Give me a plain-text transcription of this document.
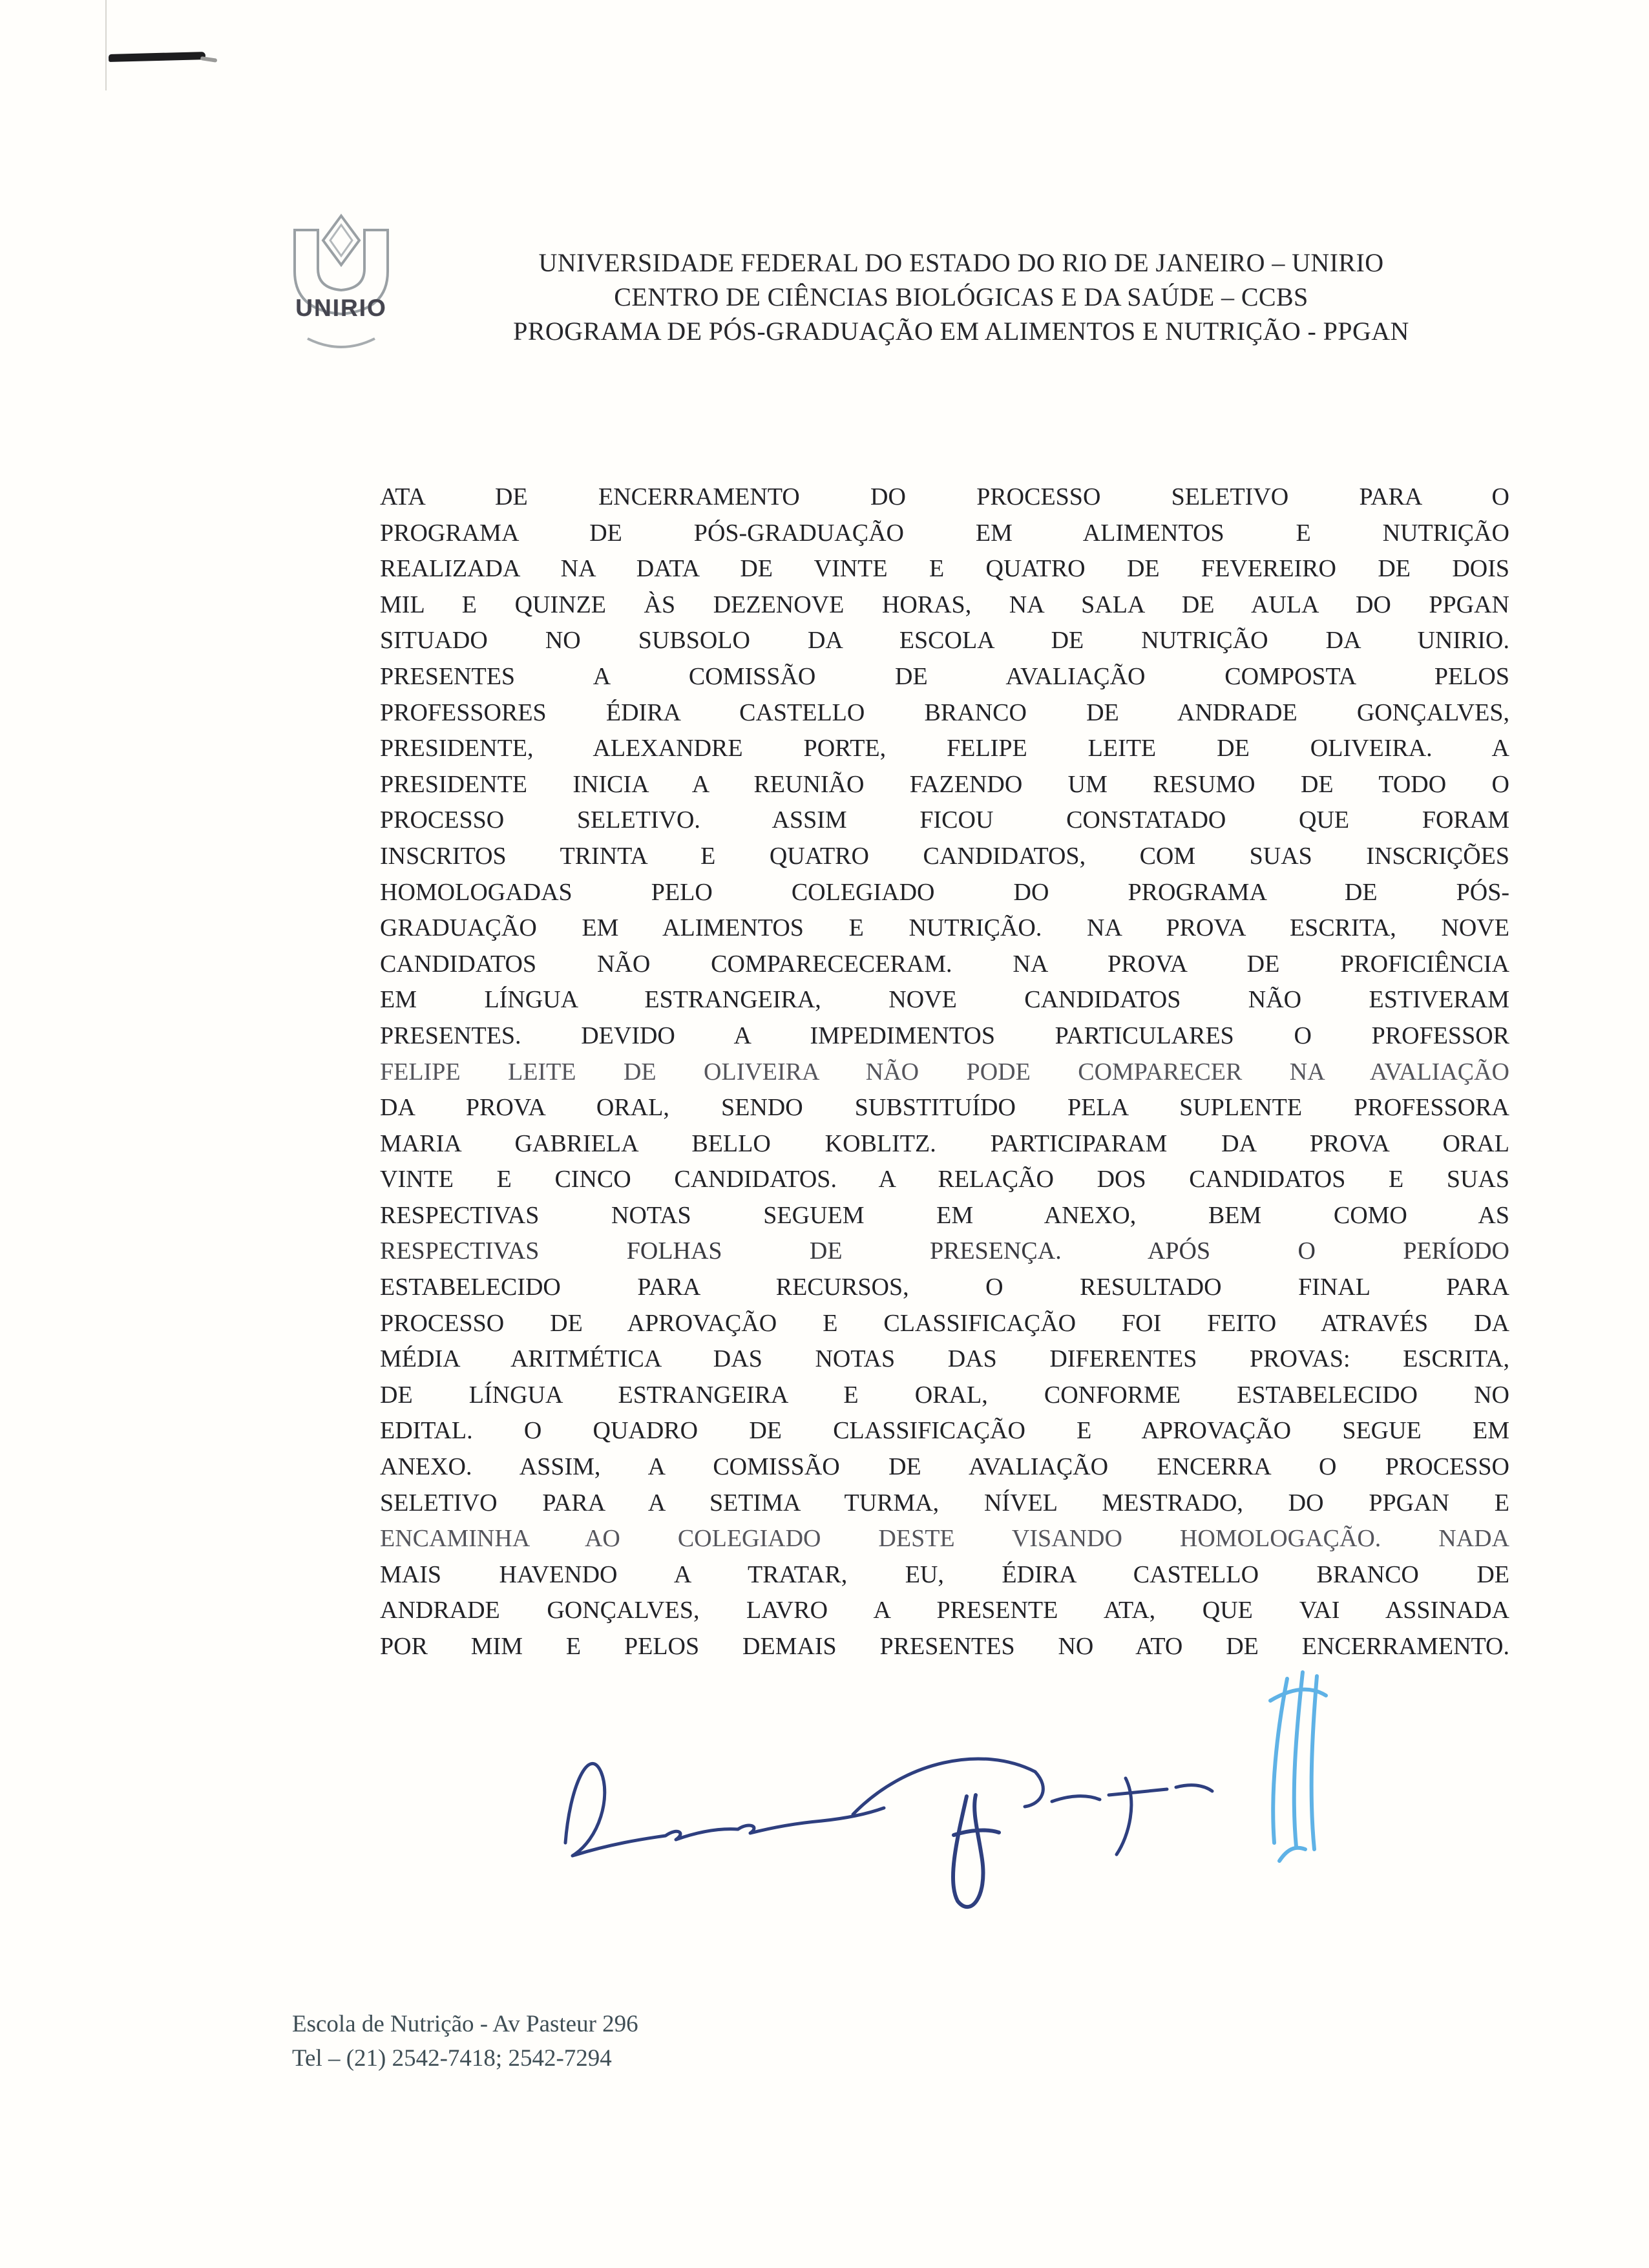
UNIRIO
UNIVERSIDADE FEDERAL DO ESTADO DO RIO DE JANEIRO – UNIRIO
CENTRO DE CIÊNCIAS BIOLÓGICAS E DA SAÚDE – CCBS
PROGRAMA DE PÓS-GRADUAÇÃO EM ALIMENTOS E NUTRIÇÃO - PPGAN
ATA DE ENCERRAMENTO DO PROCESSO SELETIVO PARA O
PROGRAMA DE PÓS-GRADUAÇÃO EM ALIMENTOS E NUTRIÇÃO
REALIZADA NA DATA DE VINTE E QUATRO DE FEVEREIRO DE DOIS
MIL E QUINZE ÀS DEZENOVE HORAS, NA SALA DE AULA DO PPGAN
SITUADO NO SUBSOLO DA ESCOLA DE NUTRIÇÃO DA UNIRIO.
PRESENTES A COMISSÃO DE AVALIAÇÃO COMPOSTA PELOS
PROFESSORES ÉDIRA CASTELLO BRANCO DE ANDRADE GONÇALVES,
PRESIDENTE, ALEXANDRE PORTE, FELIPE LEITE DE OLIVEIRA. A
PRESIDENTE INICIA A REUNIÃO FAZENDO UM RESUMO DE TODO O
PROCESSO SELETIVO. ASSIM FICOU CONSTATADO QUE FORAM
INSCRITOS TRINTA E QUATRO CANDIDATOS, COM SUAS INSCRIÇÕES
HOMOLOGADAS PELO COLEGIADO DO PROGRAMA DE PÓS-
GRADUAÇÃO EM ALIMENTOS E NUTRIÇÃO. NA PROVA ESCRITA, NOVE
CANDIDATOS NÃO COMPARECECERAM. NA PROVA DE PROFICIÊNCIA
EM LÍNGUA ESTRANGEIRA, NOVE CANDIDATOS NÃO ESTIVERAM
PRESENTES. DEVIDO A IMPEDIMENTOS PARTICULARES O PROFESSOR
FELIPE LEITE DE OLIVEIRA NÃO PODE COMPARECER NA AVALIAÇÃO
DA PROVA ORAL, SENDO SUBSTITUÍDO PELA SUPLENTE PROFESSORA
MARIA GABRIELA BELLO KOBLITZ. PARTICIPARAM DA PROVA ORAL
VINTE E CINCO CANDIDATOS. A RELAÇÃO DOS CANDIDATOS E SUAS
RESPECTIVAS NOTAS SEGUEM EM ANEXO, BEM COMO AS
RESPECTIVAS FOLHAS DE PRESENÇA. APÓS O PERÍODO
ESTABELECIDO PARA RECURSOS, O RESULTADO FINAL PARA
PROCESSO DE APROVAÇÃO E CLASSIFICAÇÃO FOI FEITO ATRAVÉS DA
MÉDIA ARITMÉTICA DAS NOTAS DAS DIFERENTES PROVAS: ESCRITA,
DE LÍNGUA ESTRANGEIRA E ORAL, CONFORME ESTABELECIDO NO
EDITAL. O QUADRO DE CLASSIFICAÇÃO E APROVAÇÃO SEGUE EM
ANEXO. ASSIM, A COMISSÃO DE AVALIAÇÃO ENCERRA O PROCESSO
SELETIVO PARA A SETIMA TURMA, NÍVEL MESTRADO, DO PPGAN E
ENCAMINHA AO COLEGIADO DESTE VISANDO HOMOLOGAÇÃO. NADA
MAIS HAVENDO A TRATAR, EU, ÉDIRA CASTELLO BRANCO DE
ANDRADE GONÇALVES, LAVRO A PRESENTE ATA, QUE VAI ASSINADA
POR MIM E PELOS DEMAIS PRESENTES NO ATO DE ENCERRAMENTO.
Escola de Nutrição - Av Pasteur 296
Tel – (21) 2542-7418; 2542-7294
